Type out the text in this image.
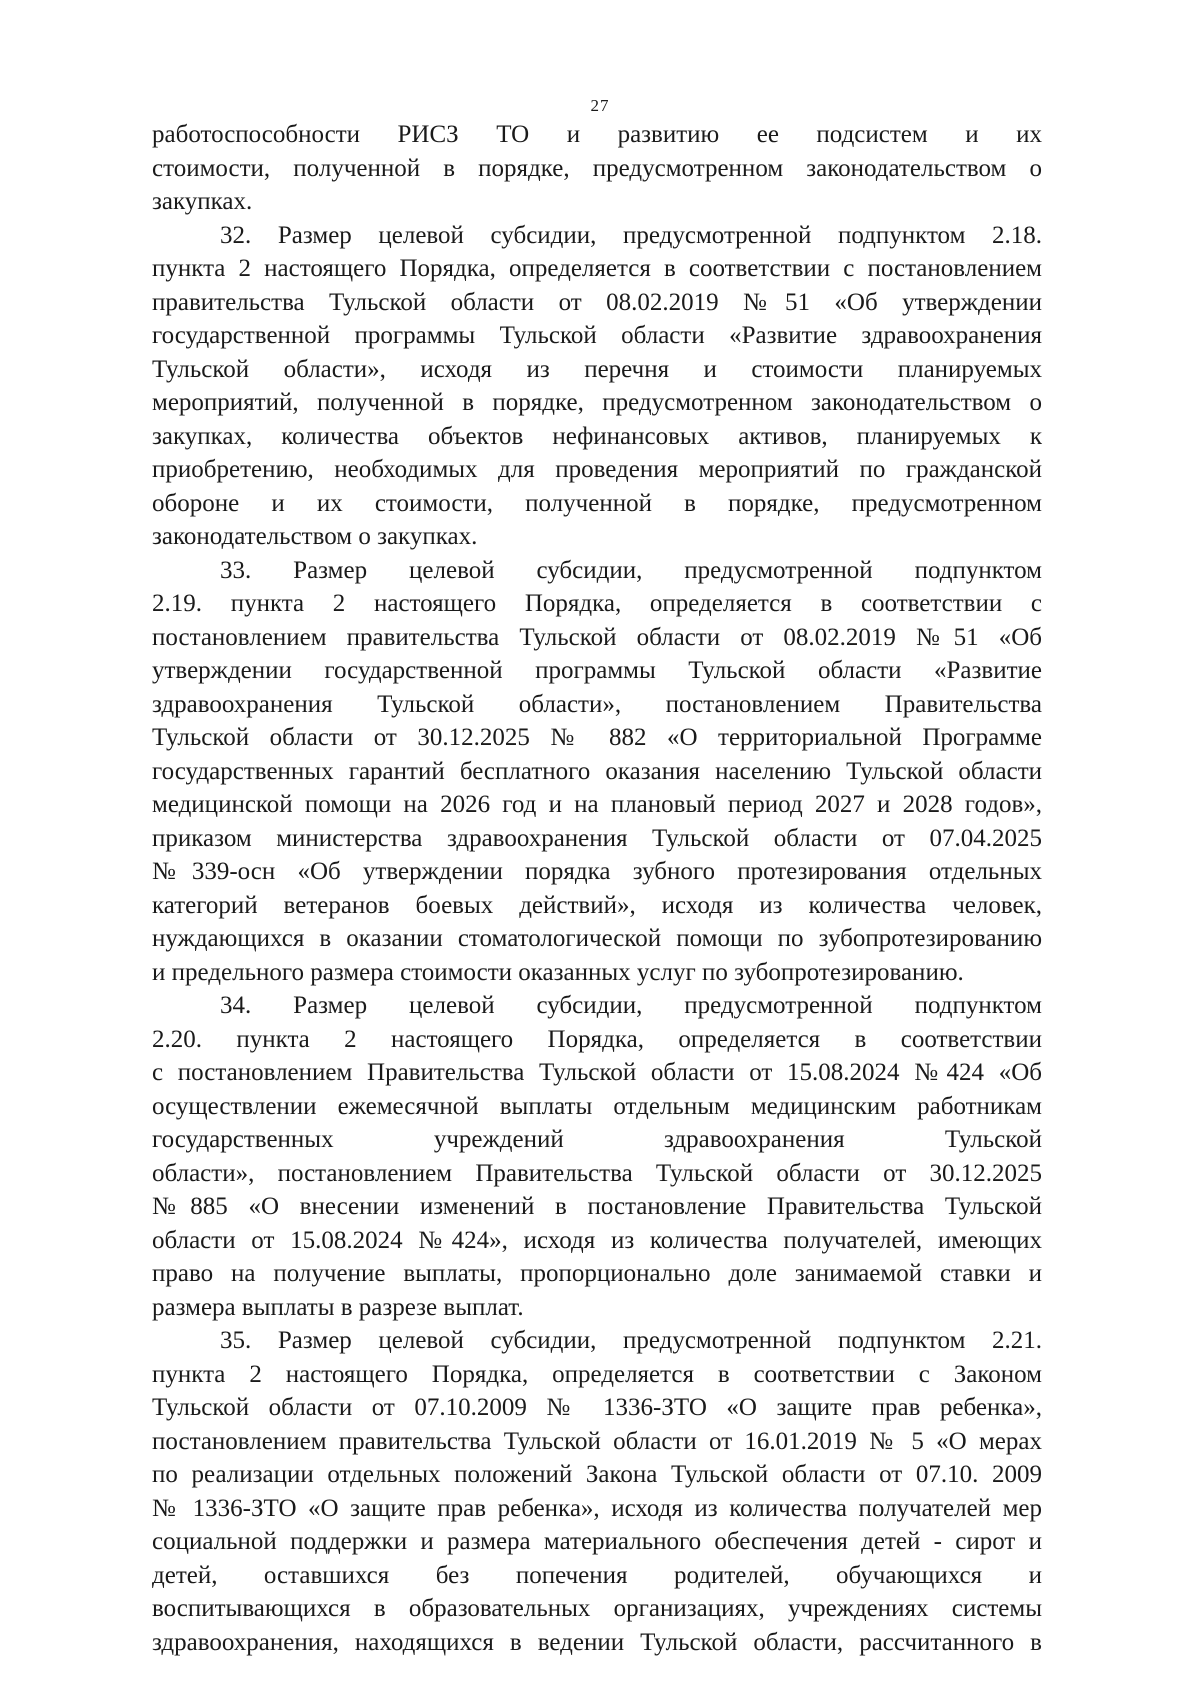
27
работоспособности РИСЗ ТО и развитию ее подсистем и их
стоимости, полученной в порядке, предусмотренном законодательством о
закупках.
32. Размер целевой субсидии, предусмотренной подпунктом 2.18.
пункта 2 настоящего Порядка, определяется в соответствии с постановлением
правительства Тульской области от 08.02.2019 №51 «Об утверждении
государственной программы Тульской области «Развитие здравоохранения
Тульской области», исходя из перечня и стоимости планируемых
мероприятий, полученной в порядке, предусмотренном законодательством о
закупках, количества объектов нефинансовых активов, планируемых к
приобретению, необходимых для проведения мероприятий по гражданской
обороне и их стоимости, полученной в порядке, предусмотренном
законодательством о закупках.
33. Размер целевой субсидии, предусмотренной подпунктом
2.19. пункта 2 настоящего Порядка, определяется в соответствии с
постановлением правительства Тульской области от 08.02.2019 №51 «Об
утверждении государственной программы Тульской области «Развитие
здравоохранения Тульской области», постановлением Правительства
Тульской области от 30.12.2025 № 882 «О территориальной Программе
государственных гарантий бесплатного оказания населению Тульской области
медицинской помощи на 2026 год и на плановый период 2027 и 2028 годов»,
приказом министерства здравоохранения Тульской области от 07.04.2025
№339-осн «Об утверждении порядка зубного протезирования отдельных
категорий ветеранов боевых действий», исходя из количества человек,
нуждающихся в оказании стоматологической помощи по зубопротезированию
и предельного размера стоимости оказанных услуг по зубопротезированию.
34. Размер целевой субсидии, предусмотренной подпунктом
2.20. пункта 2 настоящего Порядка, определяется в соответствии
с постановлением Правительства Тульской области от 15.08.2024 №424 «Об
осуществлении ежемесячной выплаты отдельным медицинским работникам
государственных учреждений здравоохранения Тульской
области», постановлением Правительства Тульской области от 30.12.2025
№885 «О внесении изменений в постановление Правительства Тульской
области от 15.08.2024 №424», исходя из количества получателей, имеющих
право на получение выплаты, пропорционально доле занимаемой ставки и
размера выплаты в разрезе выплат.
35. Размер целевой субсидии, предусмотренной подпунктом 2.21.
пункта 2 настоящего Порядка, определяется в соответствии с Законом
Тульской области от 07.10.2009 № 1336-ЗТО «О защите прав ребенка»,
постановлением правительства Тульской области от 16.01.2019 № 5 «О мерах
по реализации отдельных положений Закона Тульской области от 07.10. 2009
№ 1336-ЗТО «О защите прав ребенка», исходя из количества получателей мер
социальной поддержки и размера материального обеспечения детей - сирот и
детей, оставшихся без попечения родителей, обучающихся и
воспитывающихся в образовательных организациях, учреждениях системы
здравоохранения, находящихся в ведении Тульской области, рассчитанного в
